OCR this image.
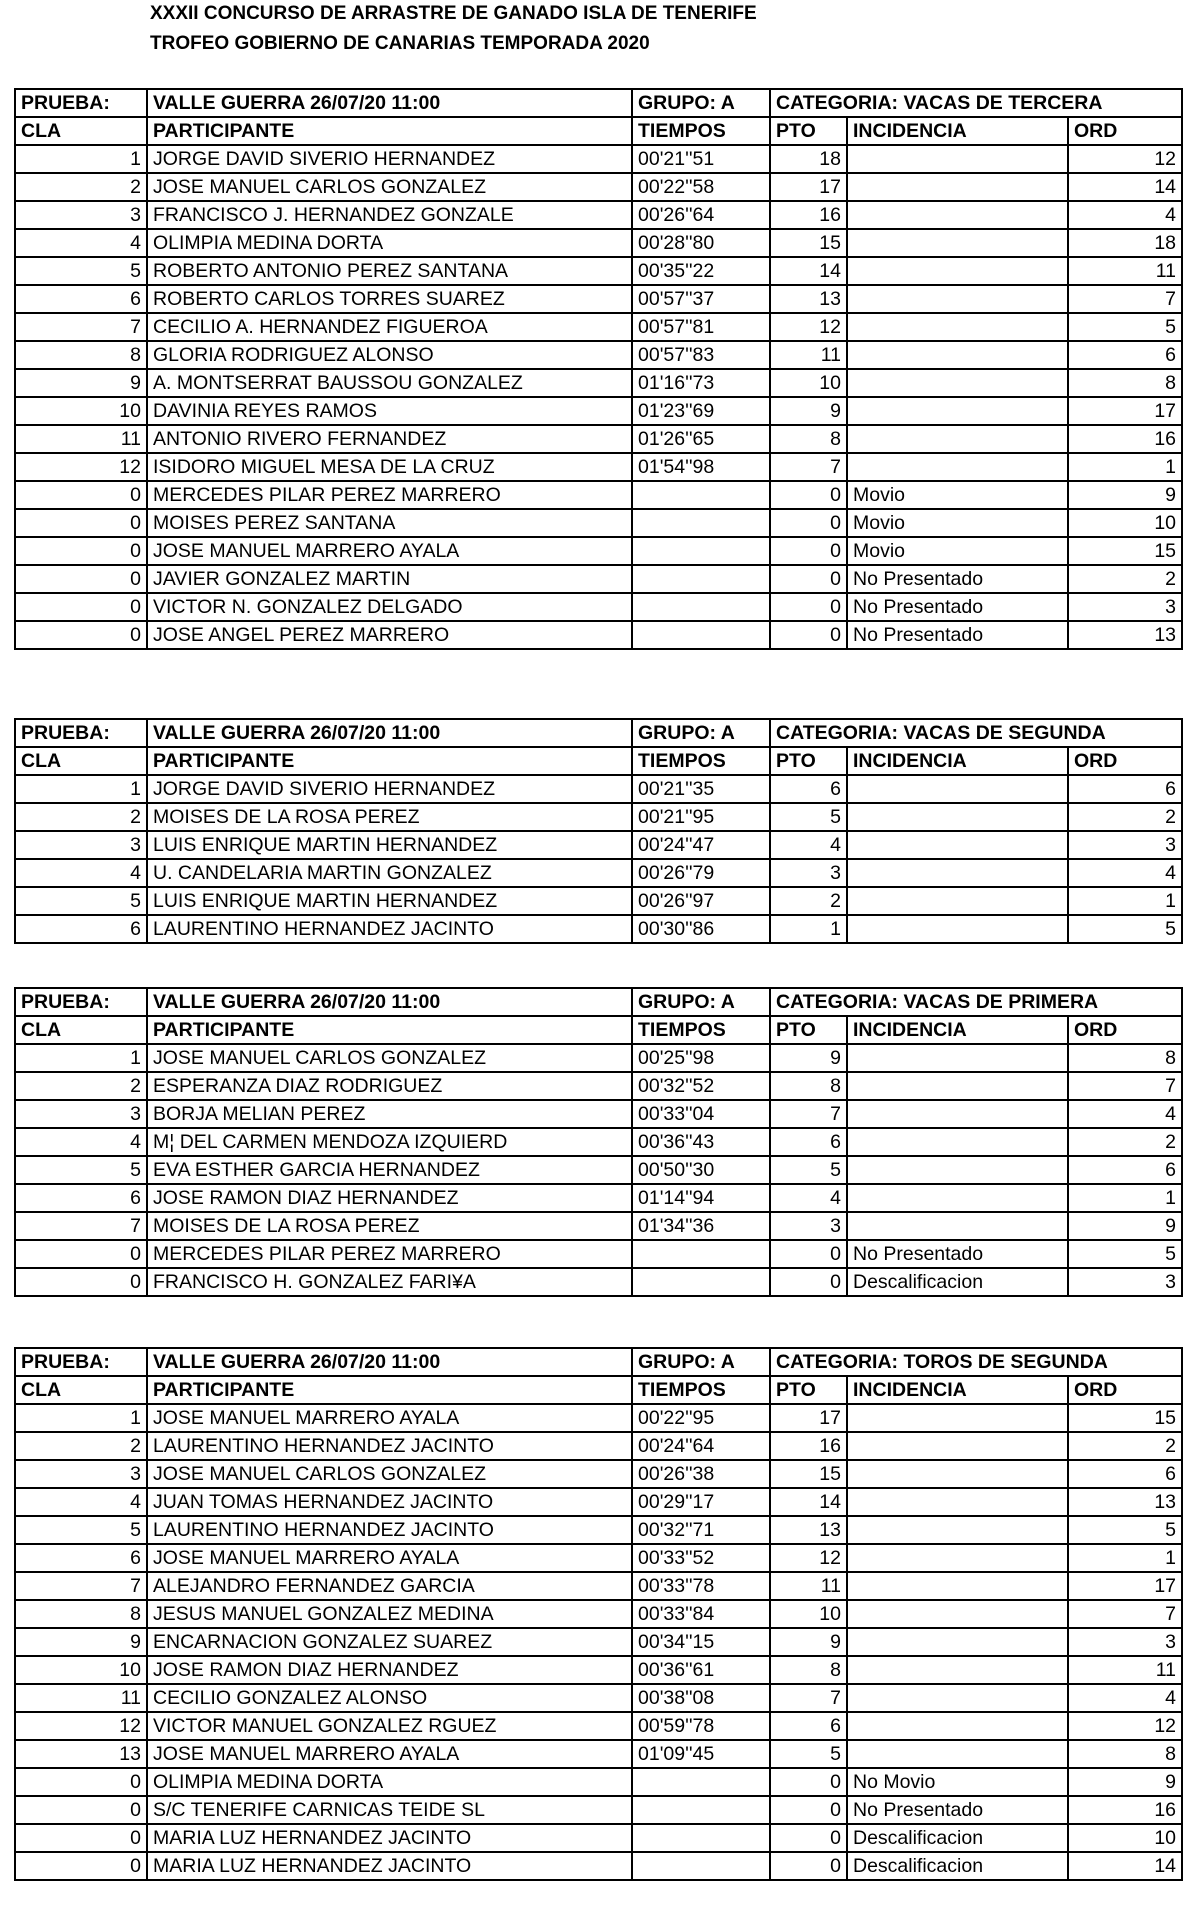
XXXII CONCURSO DE ARRASTRE DE GANADO ISLA DE TENERIFE
TROFEO GOBIERNO DE CANARIAS TEMPORADA 2020
PRUEBA:	VALLE GUERRA 26/07/20 11:00	GRUPO: A	CATEGORIA: VACAS DE TERCERA		
CLA	PARTICIPANTE	TIEMPOS	PTO	INCIDENCIA	ORD
1	JORGE DAVID SIVERIO HERNANDEZ	00'21''51	18		12
2	JOSE MANUEL CARLOS GONZALEZ	00'22''58	17		14
3	FRANCISCO J. HERNANDEZ GONZALE	00'26''64	16		4
4	OLIMPIA MEDINA DORTA	00'28''80	15		18
5	ROBERTO ANTONIO PEREZ SANTANA	00'35''22	14		11
6	ROBERTO CARLOS TORRES SUAREZ	00'57''37	13		7
7	CECILIO A. HERNANDEZ FIGUEROA	00'57''81	12		5
8	GLORIA RODRIGUEZ ALONSO	00'57''83	11		6
9	A. MONTSERRAT BAUSSOU GONZALEZ	01'16''73	10		8
10	DAVINIA REYES RAMOS	01'23''69	9		17
11	ANTONIO RIVERO FERNANDEZ	01'26''65	8		16
12	ISIDORO MIGUEL MESA DE LA CRUZ	01'54''98	7		1
0	MERCEDES PILAR PEREZ MARRERO		0	Movio	9
0	MOISES PEREZ SANTANA		0	Movio	10
0	JOSE MANUEL MARRERO AYALA		0	Movio	15
0	JAVIER GONZALEZ MARTIN		0	No Presentado	2
0	VICTOR N. GONZALEZ DELGADO		0	No Presentado	3
0	JOSE ANGEL PEREZ MARRERO		0	No Presentado	13
PRUEBA:	VALLE GUERRA 26/07/20 11:00	GRUPO: A	CATEGORIA: VACAS DE SEGUNDA		
CLA	PARTICIPANTE	TIEMPOS	PTO	INCIDENCIA	ORD
1	JORGE DAVID SIVERIO HERNANDEZ	00'21''35	6		6
2	MOISES DE LA ROSA PEREZ	00'21''95	5		2
3	LUIS ENRIQUE MARTIN HERNANDEZ	00'24''47	4		3
4	U. CANDELARIA MARTIN GONZALEZ	00'26''79	3		4
5	LUIS ENRIQUE MARTIN HERNANDEZ	00'26''97	2		1
6	LAURENTINO HERNANDEZ JACINTO	00'30''86	1		5
PRUEBA:	VALLE GUERRA 26/07/20 11:00	GRUPO: A	CATEGORIA: VACAS DE PRIMERA		
CLA	PARTICIPANTE	TIEMPOS	PTO	INCIDENCIA	ORD
1	JOSE MANUEL CARLOS GONZALEZ	00'25''98	9		8
2	ESPERANZA DIAZ RODRIGUEZ	00'32''52	8		7
3	BORJA MELIAN PEREZ	00'33''04	7		4
4	M¦ DEL CARMEN MENDOZA IZQUIERD	00'36''43	6		2
5	EVA ESTHER GARCIA HERNANDEZ	00'50''30	5		6
6	JOSE RAMON DIAZ HERNANDEZ	01'14''94	4		1
7	MOISES DE LA ROSA PEREZ	01'34''36	3		9
0	MERCEDES PILAR PEREZ MARRERO		0	No Presentado	5
0	FRANCISCO H. GONZALEZ FARI¥A		0	Descalificacion	3
PRUEBA:	VALLE GUERRA 26/07/20 11:00	GRUPO: A	CATEGORIA: TOROS DE SEGUNDA		
CLA	PARTICIPANTE	TIEMPOS	PTO	INCIDENCIA	ORD
1	JOSE MANUEL MARRERO AYALA	00'22''95	17		15
2	LAURENTINO HERNANDEZ JACINTO	00'24''64	16		2
3	JOSE MANUEL CARLOS GONZALEZ	00'26''38	15		6
4	JUAN TOMAS HERNANDEZ JACINTO	00'29''17	14		13
5	LAURENTINO HERNANDEZ JACINTO	00'32''71	13		5
6	JOSE MANUEL MARRERO AYALA	00'33''52	12		1
7	ALEJANDRO FERNANDEZ GARCIA	00'33''78	11		17
8	JESUS MANUEL GONZALEZ MEDINA	00'33''84	10		7
9	ENCARNACION GONZALEZ SUAREZ	00'34''15	9		3
10	JOSE RAMON DIAZ HERNANDEZ	00'36''61	8		11
11	CECILIO GONZALEZ ALONSO	00'38''08	7		4
12	VICTOR MANUEL GONZALEZ RGUEZ	00'59''78	6		12
13	JOSE MANUEL MARRERO AYALA	01'09''45	5		8
0	OLIMPIA MEDINA DORTA		0	No Movio	9
0	S/C TENERIFE CARNICAS TEIDE SL		0	No Presentado	16
0	MARIA LUZ HERNANDEZ JACINTO		0	Descalificacion	10
0	MARIA LUZ HERNANDEZ JACINTO		0	Descalificacion	14
